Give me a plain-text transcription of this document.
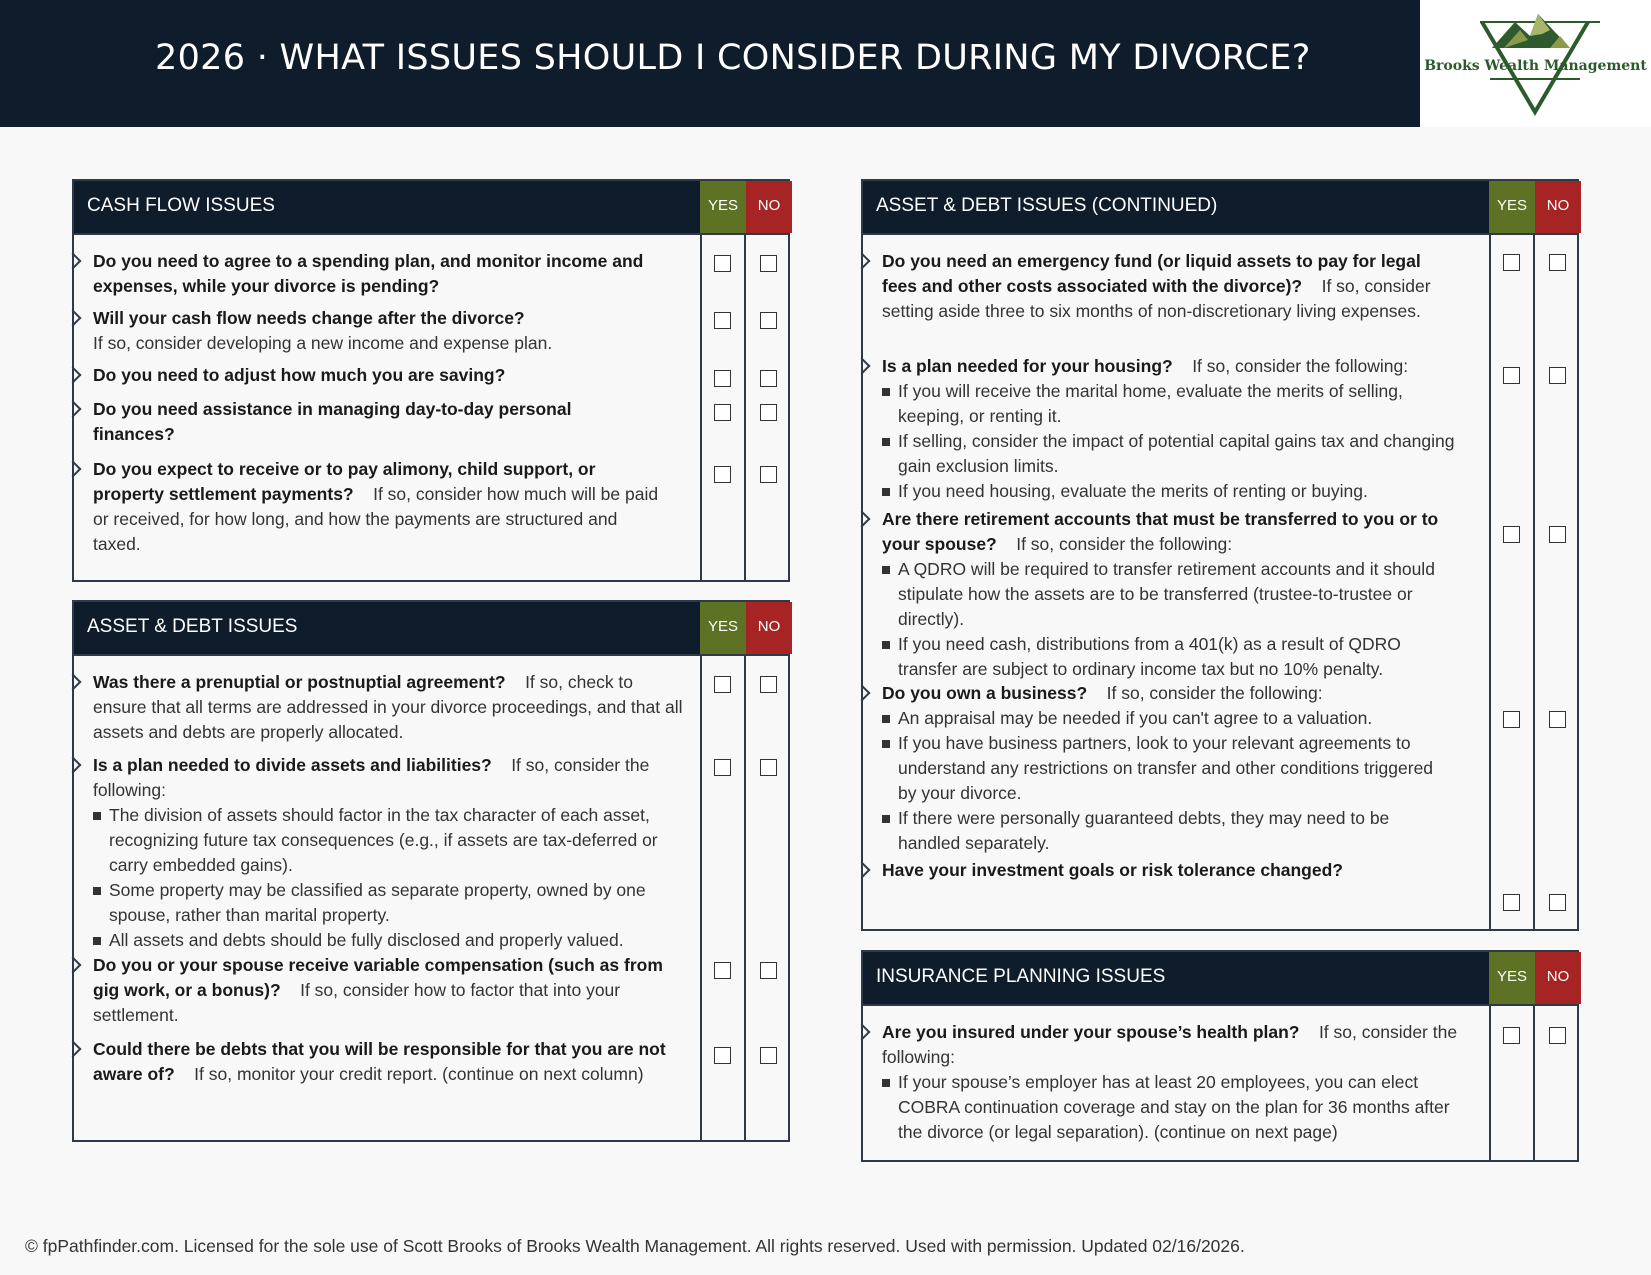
2026 · WHAT ISSUES SHOULD I CONSIDER DURING MY DIVORCE?	Brooks Wealth Management
CASH FLOW ISSUES	YES	NO
Do you need to agree to a spending plan, and monitor income and expenses, while your divorce is pending?
Will your cash flow needs change after the divorce?
If so, consider developing a new income and expense plan.
Do you need to adjust how much you are saving?
Do you need assistance in managing day-to-day personal finances?
Do you expect to receive or to pay alimony, child support, or property settlement payments? If so, consider how much will be paid or received, for how long, and how the payments are structured and taxed.
ASSET & DEBT ISSUES	YES	NO
Was there a prenuptial or postnuptial agreement? If so, check to ensure that all terms are addressed in your divorce proceedings, and that all assets and debts are properly allocated.
Is a plan needed to divide assets and liabilities? If so, consider the following:
The division of assets should factor in the tax character of each asset, recognizing future tax consequences (e.g., if assets are tax-deferred or carry embedded gains).
Some property may be classified as separate property, owned by one spouse, rather than marital property.
All assets and debts should be fully disclosed and properly valued.
Do you or your spouse receive variable compensation (such as from gig work, or a bonus)? If so, consider how to factor that into your settlement.
Could there be debts that you will be responsible for that you are not aware of? If so, monitor your credit report. (continue on next column)
ASSET & DEBT ISSUES (CONTINUED)	YES	NO
Do you need an emergency fund (or liquid assets to pay for legal fees and other costs associated with the divorce)? If so, consider setting aside three to six months of non-discretionary living expenses.
Is a plan needed for your housing? If so, consider the following:
If you will receive the marital home, evaluate the merits of selling, keeping, or renting it.
If selling, consider the impact of potential capital gains tax and changing gain exclusion limits.
If you need housing, evaluate the merits of renting or buying.
Are there retirement accounts that must be transferred to you or to your spouse? If so, consider the following:
A QDRO will be required to transfer retirement accounts and it should stipulate how the assets are to be transferred (trustee-to-trustee or directly).
If you need cash, distributions from a 401(k) as a result of QDRO transfer are subject to ordinary income tax but no 10% penalty.
Do you own a business? If so, consider the following:
An appraisal may be needed if you can't agree to a valuation.
If you have business partners, look to your relevant agreements to understand any restrictions on transfer and other conditions triggered by your divorce.
If there were personally guaranteed debts, they may need to be handled separately.
Have your investment goals or risk tolerance changed?
INSURANCE PLANNING ISSUES	YES	NO
Are you insured under your spouse’s health plan? If so, consider the following:
If your spouse’s employer has at least 20 employees, you can elect COBRA continuation coverage and stay on the plan for 36 months after the divorce (or legal separation). (continue on next page)
© fpPathfinder.com. Licensed for the sole use of Scott Brooks of Brooks Wealth Management. All rights reserved. Used with permission. Updated 02/16/2026.
